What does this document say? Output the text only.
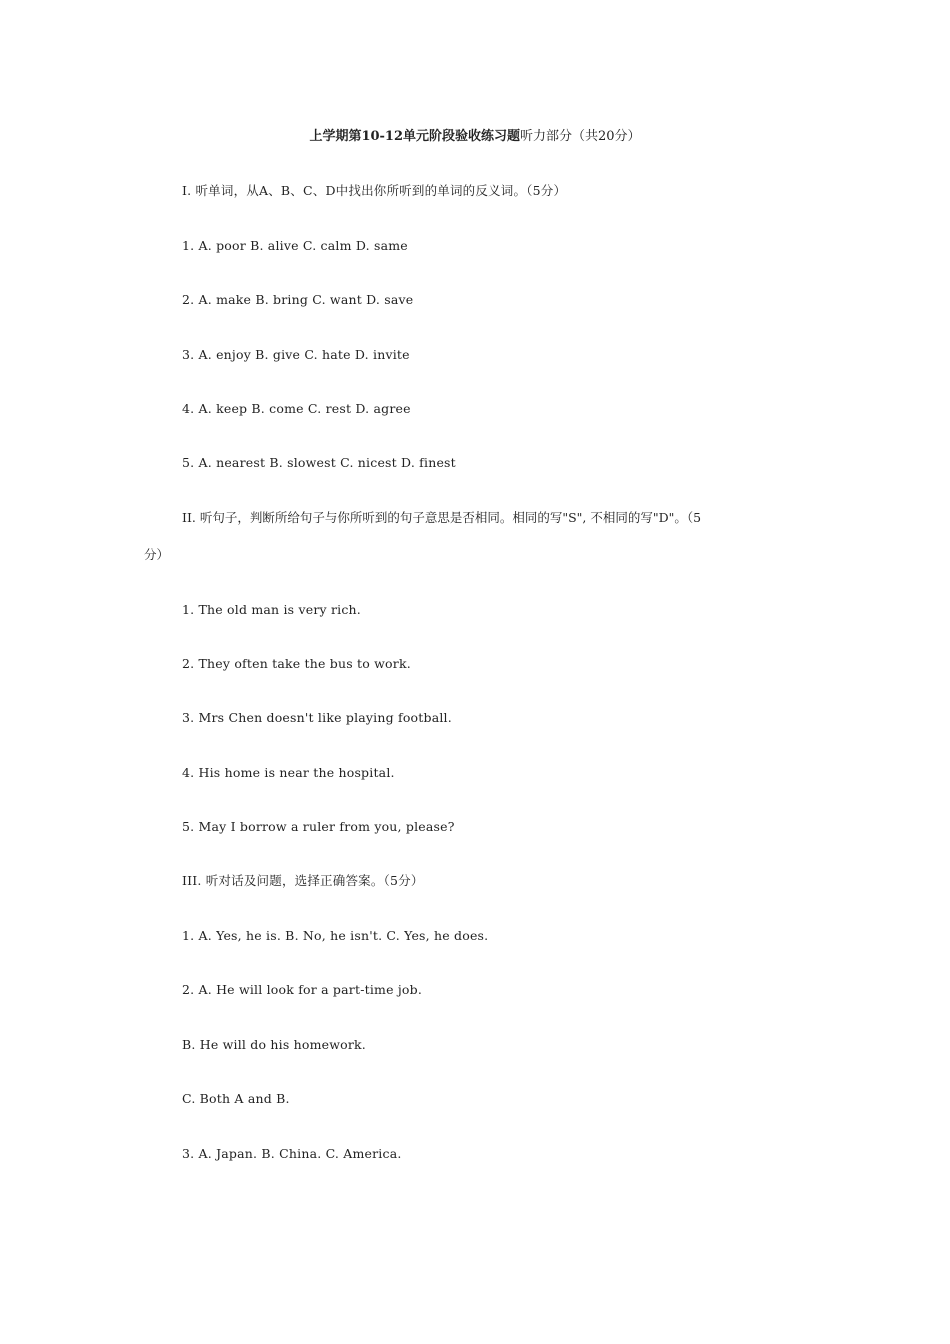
上学期第10-12单元阶段验收练习题听力部分（共20分）
I. 听单词，从A、B、C、D中找出你所听到的单词的反义词。（5分）
1. A. poor B. alive C. calm D. same
2. A. make B. bring C. want D. save
3. A. enjoy B. give C. hate D. invite
4. A. keep B. come C. rest D. agree
5. A. nearest B. slowest C. nicest D. finest
II. 听句子，判断所给句子与你所听到的句子意思是否相同。相同的写"S", 不相同的写"D"。（5
分）
1. The old man is very rich.
2. They often take the bus to work.
3. Mrs Chen doesn't like playing football.
4. His home is near the hospital.
5. May I borrow a ruler from you, please?
III. 听对话及问题，选择正确答案。（5分）
1. A. Yes, he is. B. No, he isn't. C. Yes, he does.
2. A. He will look for a part-time job.
B. He will do his homework.
C. Both A and B.
3. A. Japan. B. China. C. America.
